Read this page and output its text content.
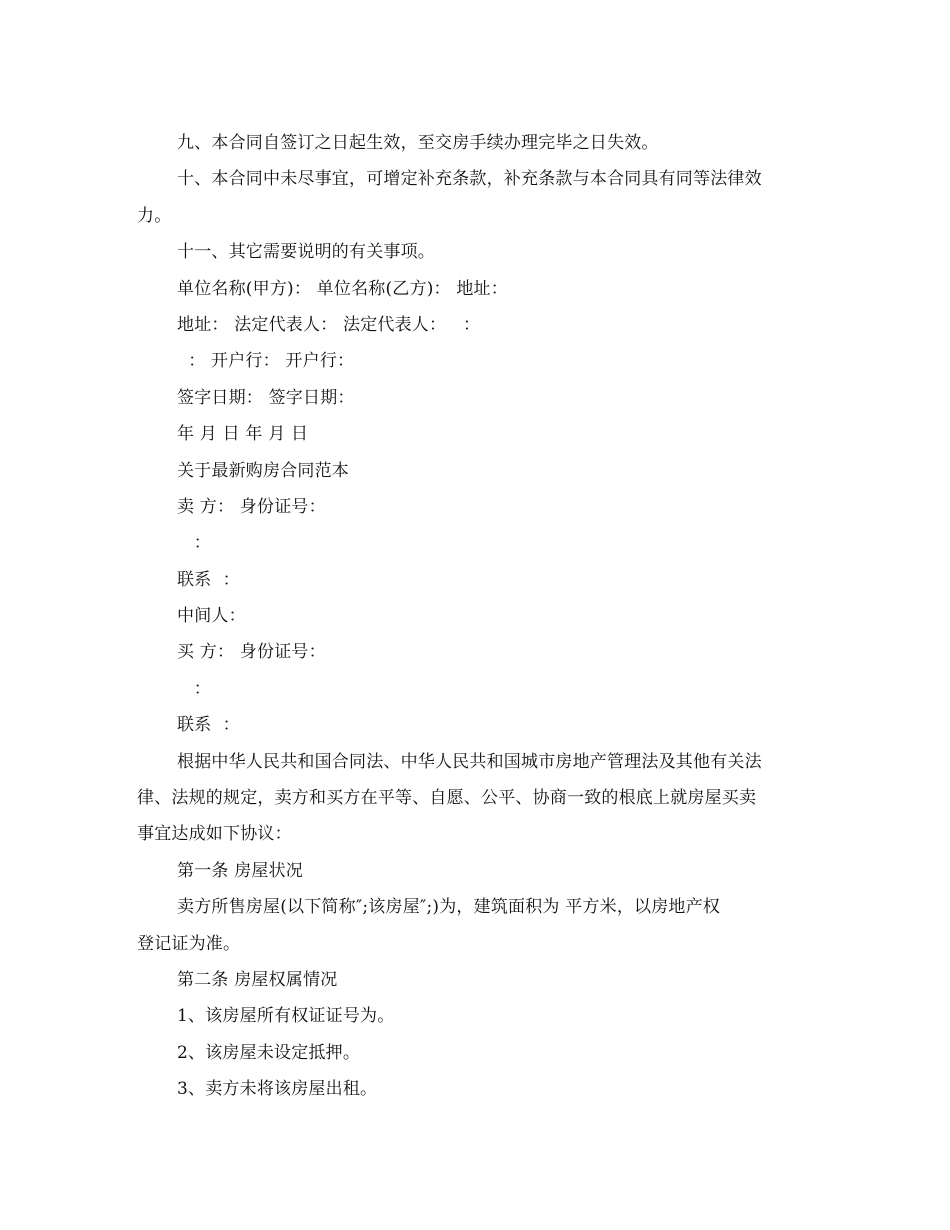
九、本合同自签订之日起生效，至交房手续办理完毕之日失效。
十、本合同中未尽事宜，可增定补充条款，补充条款与本合同具有同等法律效
力。
十一、其它需要说明的有关事项。
单位名称(甲方)： 单位名称(乙方)： 地址：
地址： 法定代表人： 法定代表人：   ：
： 开户行： 开户行：
签字日期： 签字日期：
年 月 日 年 月 日
关于最新购房合同范本
卖 方： 身份证号：
：
联系  ：
中间人：
买 方： 身份证号：
：
联系  ：
根据中华人民共和国合同法、中华人民共和国城市房地产管理法及其他有关法
律、法规的规定，卖方和买方在平等、自愿、公平、协商一致的根底上就房屋买卖
事宜达成如下协议：
第一条 房屋状况
卖方所售房屋(以下简称″;该房屋″;)为，建筑面积为 平方米，以房地产权
登记证为准。
第二条 房屋权属情况
1、该房屋所有权证证号为。
2、该房屋未设定抵押。
3、卖方未将该房屋出租。
